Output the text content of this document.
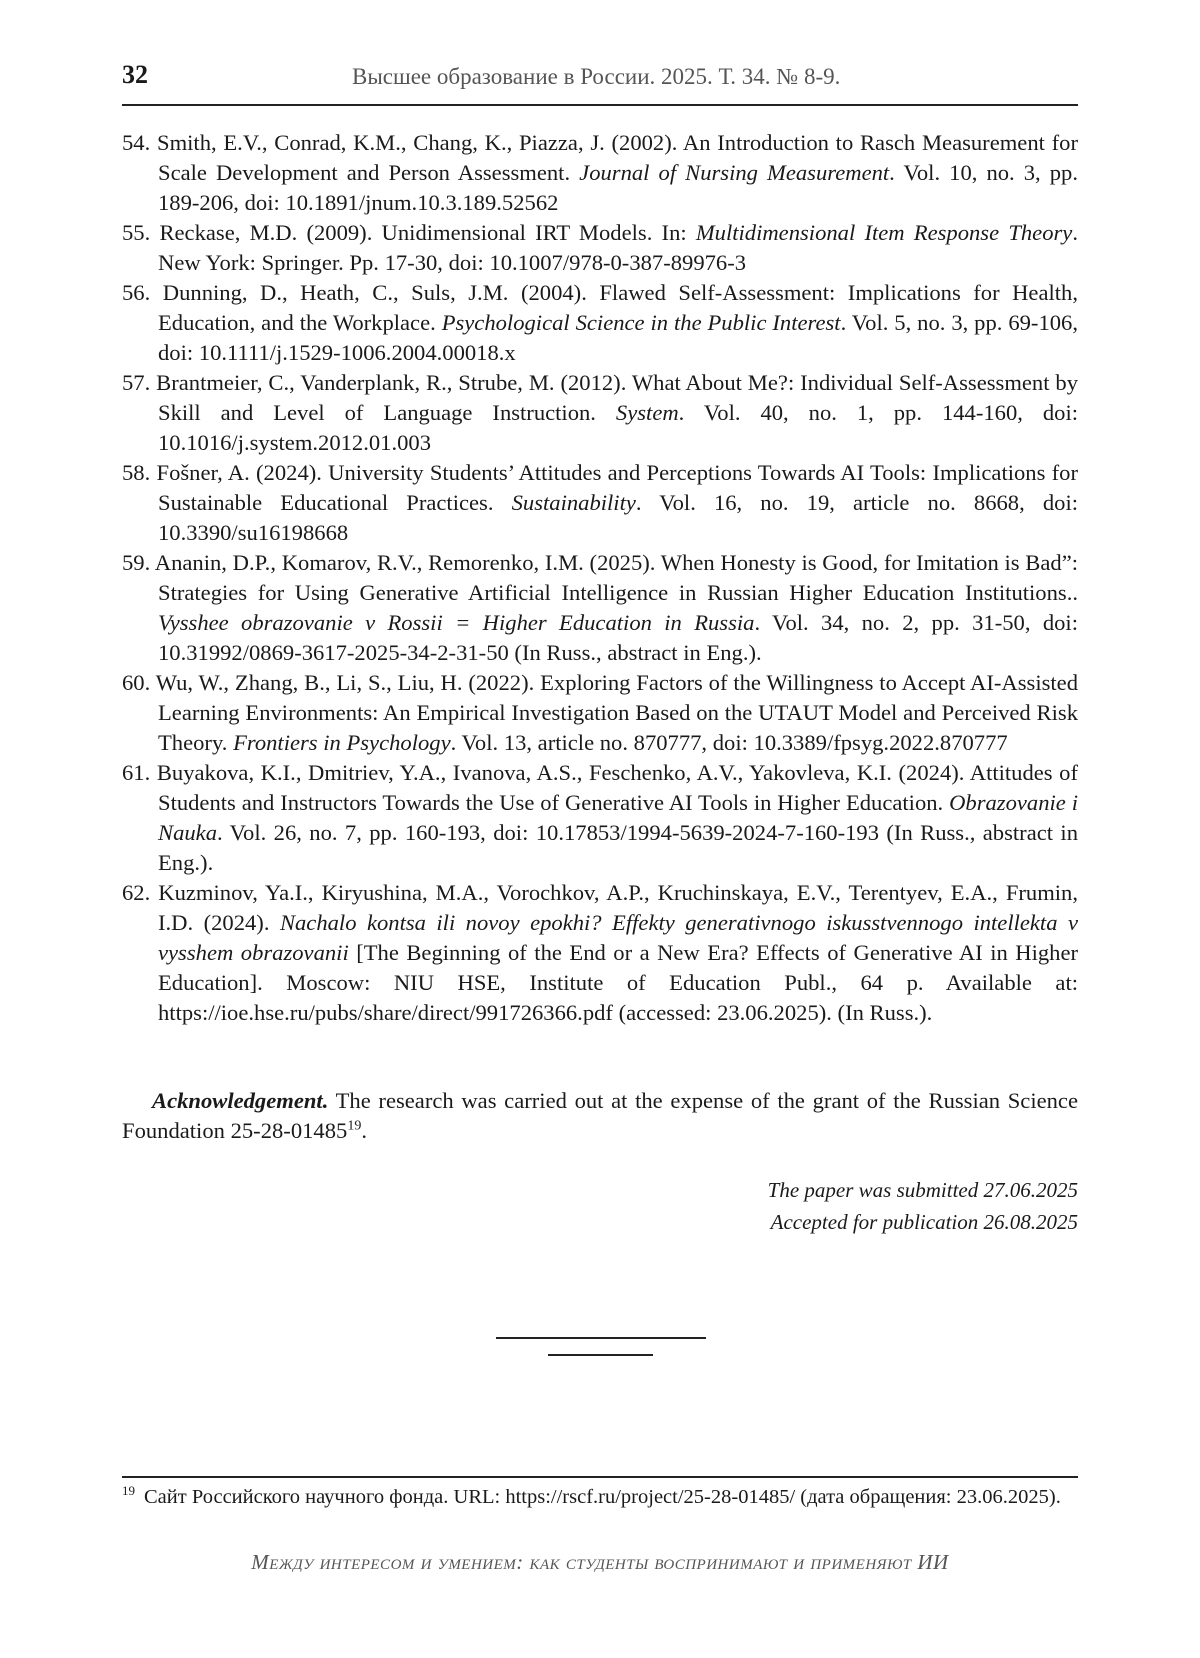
32	Высшее образование в России. 2025. Т. 34. № 8-9.
54. Smith, E.V., Conrad, K.M., Chang, K., Piazza, J. (2002). An Introduction to Rasch Measurement for Scale Development and Person Assessment. Journal of Nursing Measurement. Vol. 10, no. 3, pp. 189-206, doi: 10.1891/jnum.10.3.189.52562
55. Reckase, M.D. (2009). Unidimensional IRT Models. In: Multidimensional Item Response Theory. New York: Springer. Pp. 17-30, doi: 10.1007/978-0-387-89976-3
56. Dunning, D., Heath, C., Suls, J.M. (2004). Flawed Self-Assessment: Implications for Health, Education, and the Workplace. Psychological Science in the Public Interest. Vol. 5, no. 3, pp. 69-106, doi: 10.1111/j.1529-1006.2004.00018.x
57. Brantmeier, C., Vanderplank, R., Strube, M. (2012). What About Me?: Individual Self-Assessment by Skill and Level of Language Instruction. System. Vol. 40, no. 1, pp. 144-160, doi: 10.1016/j.system.2012.01.003
58. Fošner, A. (2024). University Students’ Attitudes and Perceptions Towards AI Tools: Implications for Sustainable Educational Practices. Sustainability. Vol. 16, no. 19, article no. 8668, doi: 10.3390/su16198668
59. Ananin, D.P., Komarov, R.V., Remorenko, I.M. (2025). When Honesty is Good, for Imitation is Bad”: Strategies for Using Generative Artificial Intelligence in Russian Higher Education Institutions.. Vysshee obrazovanie v Rossii = Higher Education in Russia. Vol. 34, no. 2, pp. 31-50, doi: 10.31992/0869-3617-2025-34-2-31-50 (In Russ., abstract in Eng.).
60. Wu, W., Zhang, B., Li, S., Liu, H. (2022). Exploring Factors of the Willingness to Accept AI-Assisted Learning Environments: An Empirical Investigation Based on the UTAUT Model and Perceived Risk Theory. Frontiers in Psychology. Vol. 13, article no. 870777, doi: 10.3389/fpsyg.2022.870777
61. Buyakova, K.I., Dmitriev, Y.A., Ivanova, A.S., Feschenko, A.V., Yakovleva, K.I. (2024). Attitudes of Students and Instructors Towards the Use of Generative AI Tools in Higher Education. Obrazovanie i Nauka. Vol. 26, no. 7, pp. 160-193, doi: 10.17853/1994-5639-2024-7-160-193 (In Russ., abstract in Eng.).
62. Kuzminov, Ya.I., Kiryushina, M.A., Vorochkov, A.P., Kruchinskaya, E.V., Terentyev, E.A., Frumin, I.D. (2024). Nachalo kontsa ili novoy epokhi? Effekty generativnogo iskusstvennogo intellekta v vysshem obrazovanii [The Beginning of the End or a New Era? Effects of Generative AI in Higher Education]. Moscow: NIU HSE, Institute of Education Publ., 64 p. Available at: https://ioe.hse.ru/pubs/share/direct/991726366.pdf (accessed: 23.06.2025). (In Russ.).

Acknowledgement. The research was carried out at the expense of the grant of the Russian Science Foundation 25-28-01485$^{19}$.

The paper was submitted 27.06.2025
Accepted for publication 26.08.2025

$^{19}$ Сайт Российского научного фонда. URL: https://rscf.ru/project/25-28-01485/ (дата обращения: 23.06.2025).

Между интересом и умением: как студенты воспринимают и применяют ИИ
